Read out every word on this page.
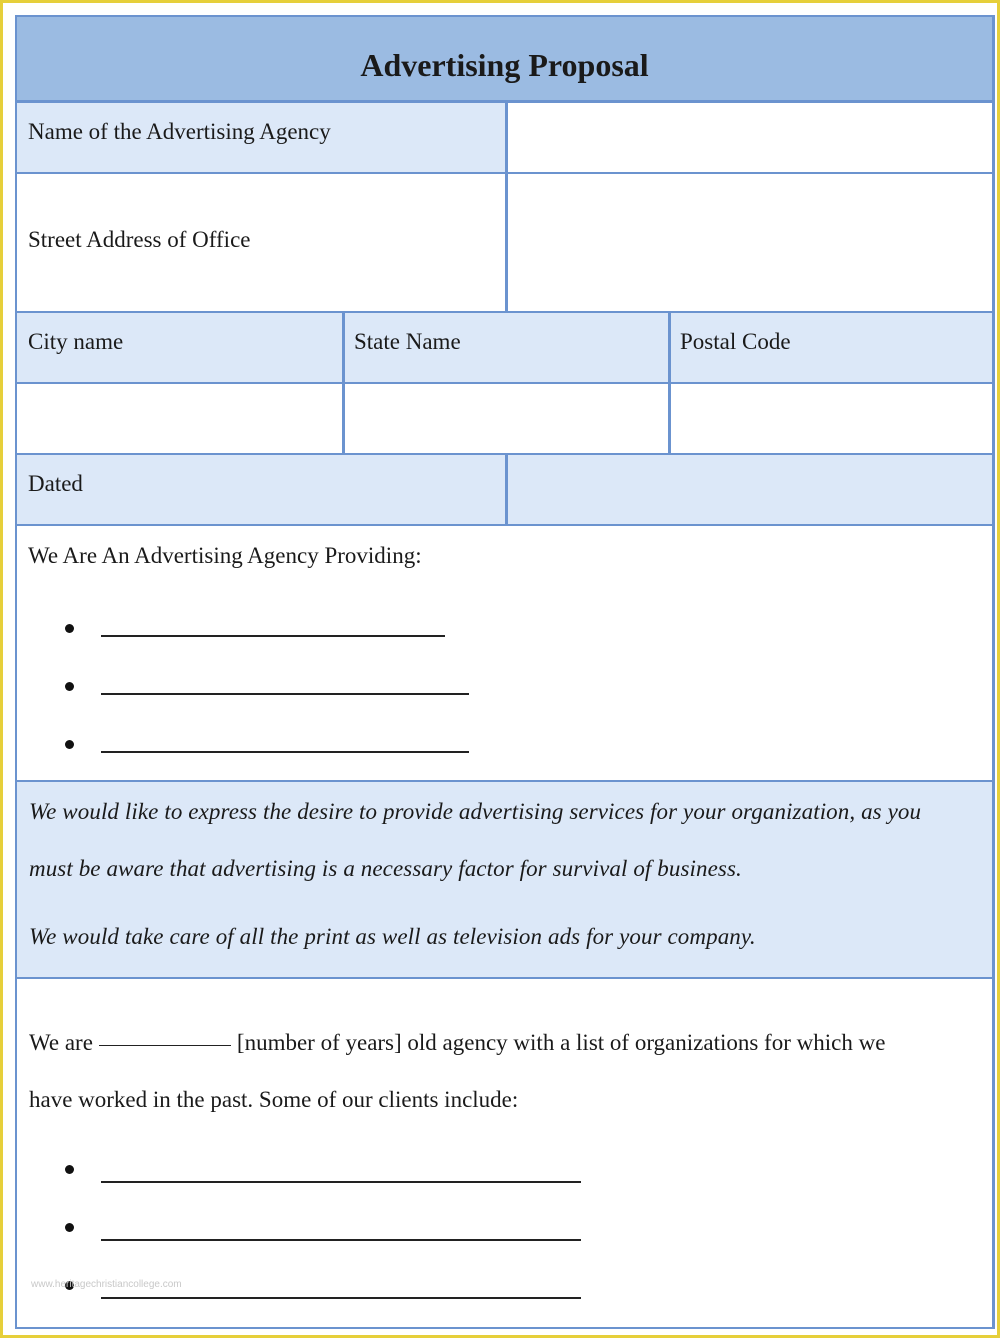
Advertising Proposal
Name of the Advertising Agency
Street Address of Office
City name	State Name	Postal Code
Dated
We Are An Advertising Agency Providing:
We would like to express the desire to provide advertising services for your organization, as you
must be aware that advertising is a necessary factor for survival of business.
We would take care of all the print as well as television ads for your company.
We are	[number of years] old agency with a list of organizations for which we
have worked in the past. Some of our clients include:
www.heritagechristiancollege.com
